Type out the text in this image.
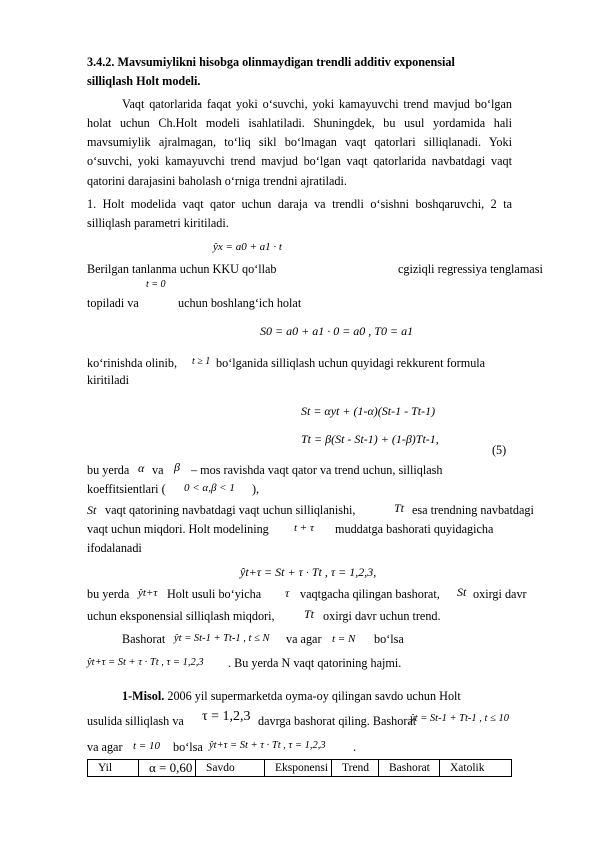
3.4.2. Mavsumiylikni hisobga olinmaydigan trendli additiv exponensial
silliqlash Holt modeli.
Vaqt qatorlarida faqat yoki o‘suvchi, yoki kamayuvchi trend mavjud bo‘lgan
holat uchun Ch.Holt modeli isahlatiladi. Shuningdek, bu usul yordamida hali
mavsumiylik ajralmagan, to‘liq sikl bo‘lmagan vaqt qatorlari silliqlanadi. Yoki
o‘suvchi, yoki kamayuvchi trend mavjud bo‘lgan vaqt qatorlarida navbatdagi vaqt
qatorini darajasini baholash o‘rniga trendni ajratiladi.
1. Holt modelida vaqt qator uchun daraja va trendli o‘sishni boshqaruvchi, 2 ta
silliqlash parametri kiritiladi.
ŷx = a0 + a1 · t
Berilgan tanlanma uchun KKU qo‘llab	cgiziqli regressiya tenglamasi
t = 0
topiladi va	uchun boshlang‘ich holat
S0 = a0 + a1 · 0 = a0 , T0 = a1
ko‘rinishda olinib, t ≥ 1 bo‘lganida silliqlash uchun quyidagi rekkurent formula
kiritiladi
St = αyt + (1-α)(St-1 - Tt-1)
Tt = β(St - St-1) + (1-β)Tt-1,
(5)
bu yerda α va β – mos ravishda vaqt qator va trend uchun, silliqlash
koeffitsientlari ( 0 < α,β < 1 ),
St vaqt qatorining navbatdagi vaqt uchun silliqlanishi,	Tt esa trendning navbatdagi
vaqt uchun miqdori. Holt modelining t + τ muddatga bashorati quyidagicha
ifodalanadi
ŷt+τ = St + τ · Tt , τ = 1,2,3,
bu yerda ŷt+τ Holt usuli bo‘yicha τ vaqtgacha qilingan bashorat, St oxirgi davr
uchun eksponensial silliqlash miqdori, Tt oxirgi davr uchun trend.
Bashorat ŷt = St-1 + Tt-1 , t ≤ N va agar t = N bo‘lsa
ŷt+τ = St + τ · Tt , τ = 1,2,3 . Bu yerda N vaqt qatorining hajmi.
1-Misol. 2006 yil supermarketda oyma-oy qilingan savdo uchun Holt
usulida silliqlash va τ = 1,2,3 davrga bashorat qiling. Bashorat
ŷt = St-1 + Tt-1 , t ≤ 10
va agar t = 10 bo‘lsa ŷt+τ = St + τ · Tt , τ = 1,2,3 .
Yil	α = 0,60	Savdo	Eksponensi	Trend	Bashorat	Xatolik
